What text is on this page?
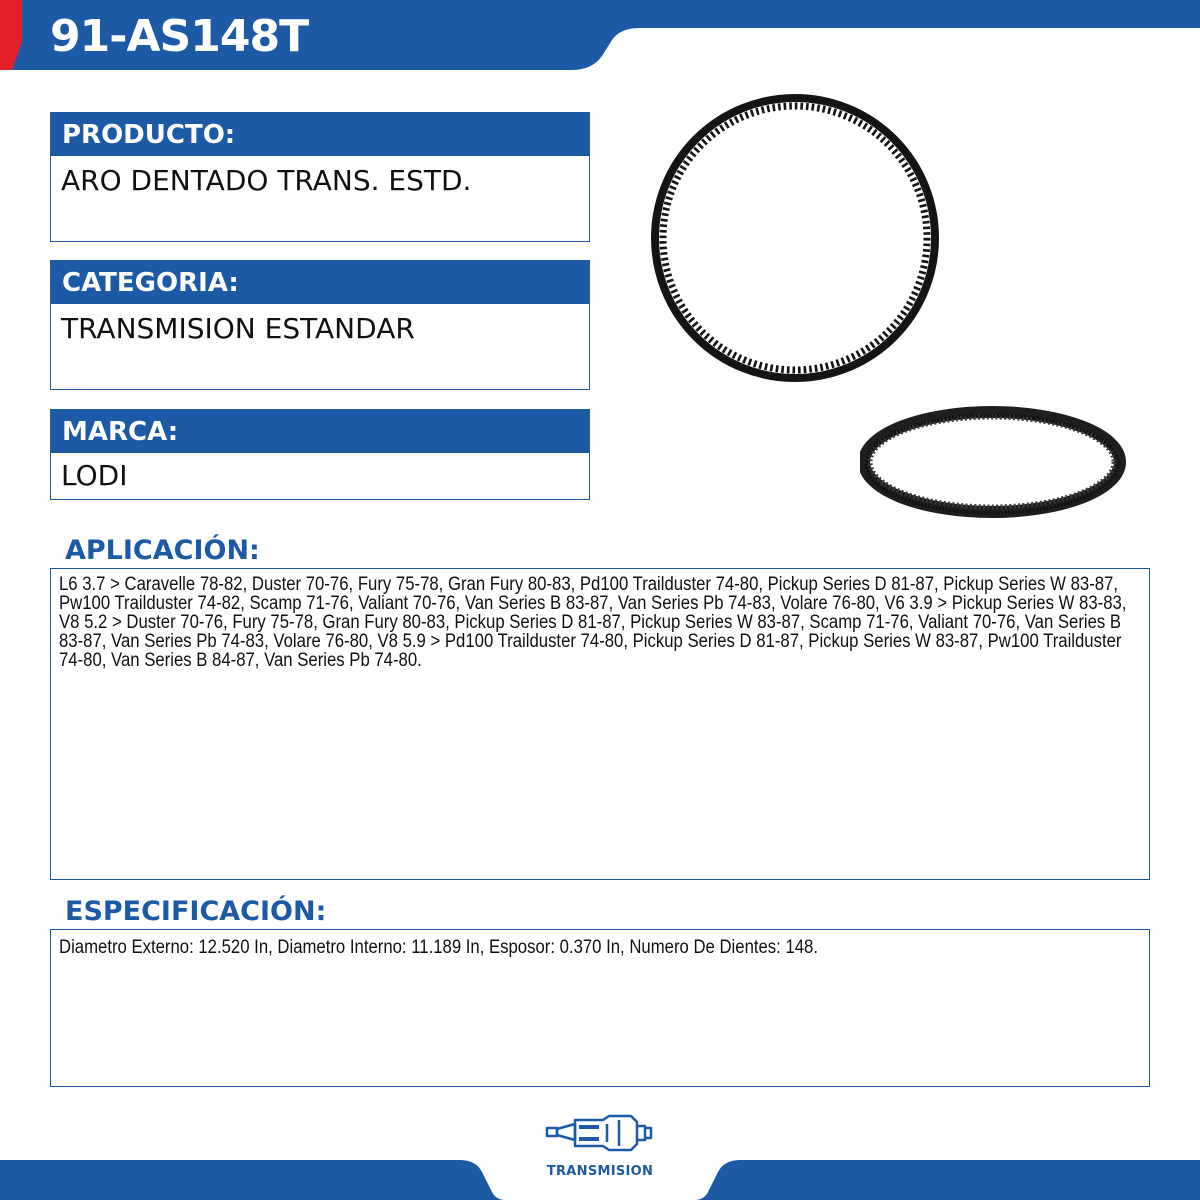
91-AS148T
PRODUCTO:
ARO DENTADO TRANS. ESTD.
CATEGORIA:
TRANSMISION ESTANDAR
MARCA:
LODI
APLICACIÓN:
L6 3.7 > Caravelle 78-82, Duster 70-76, Fury 75-78, Gran Fury 80-83, Pd100 Trailduster 74-80, Pickup Series D 81-87, Pickup Series W 83-87, Pw100 Trailduster 74-82, Scamp 71-76, Valiant 70-76, Van Series B 83-87, Van Series Pb 74-83, Volare 76-80, V6 3.9 > Pickup Series W 83-83, V8 5.2 > Duster 70-76, Fury 75-78, Gran Fury 80-83, Pickup Series D 81-87, Pickup Series W 83-87, Scamp 71-76, Valiant 70-76, Van Series B 83-87, Van Series Pb 74-83, Volare 76-80, V8 5.9 > Pd100 Trailduster 74-80, Pickup Series D 81-87, Pickup Series W 83-87, Pw100 Trailduster 74-80, Van Series B 84-87, Van Series Pb 74-80.
ESPECIFICACIÓN:
Diametro Externo: 12.520 In, Diametro Interno: 11.189 In, Esposor: 0.370 In, Numero De Dientes: 148.
TRANSMISION
